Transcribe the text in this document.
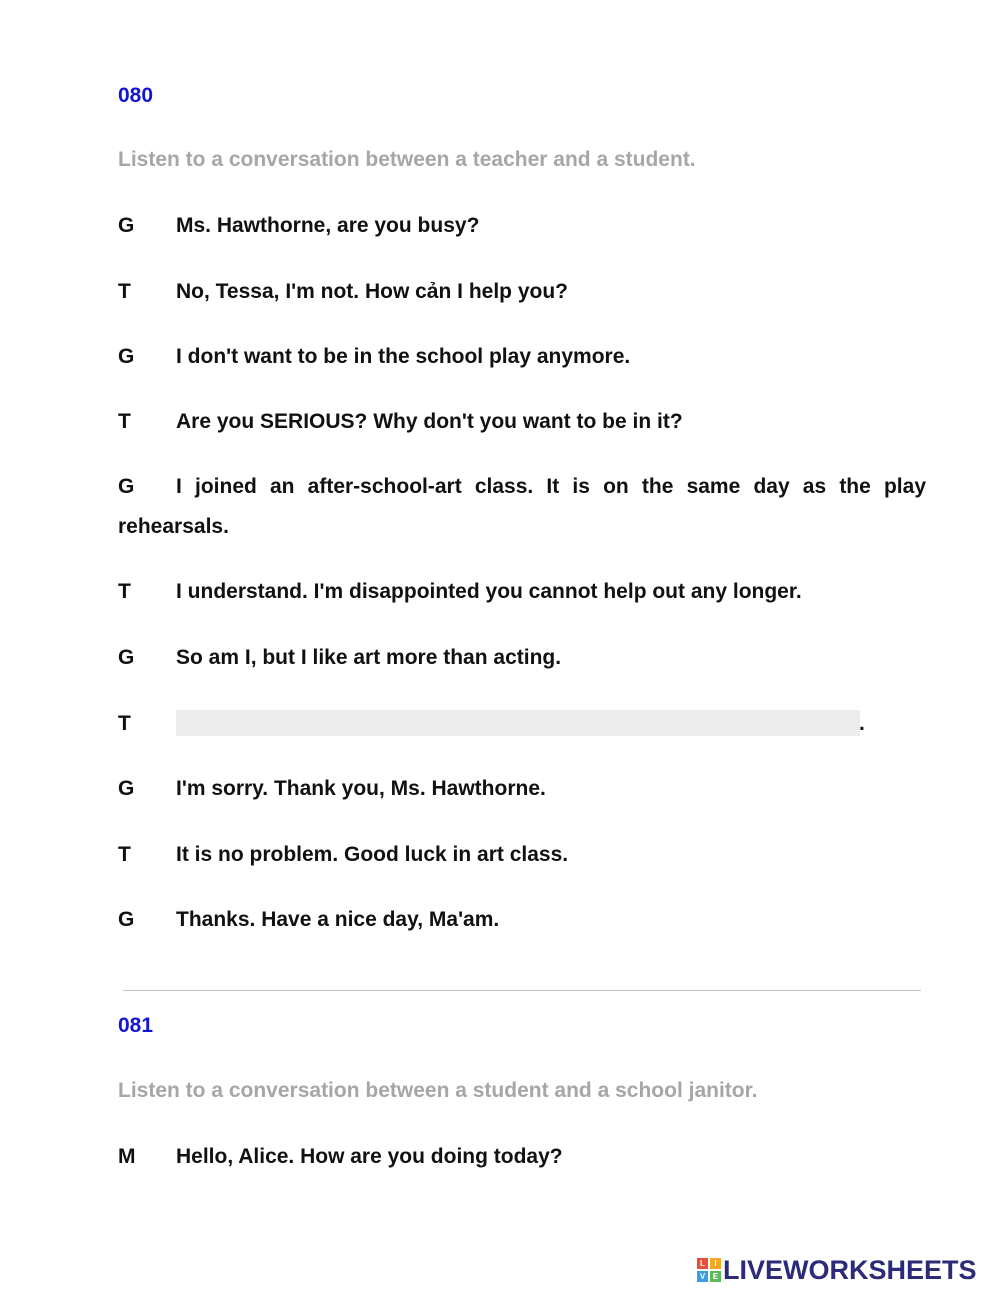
080
Listen to a conversation between a teacher and a student.
G Ms. Hawthorne, are you busy?
T No, Tessa, I'm not. How cản I help you?
G I don't want to be in the school play anymore.
T Are you SERIOUS? Why don't you want to be in it?
G I joined an after-school-art class. It is on the same day as the play rehearsals.
T I understand. I'm disappointed you cannot help out any longer.
G So am I, but I like art more than acting.
T	.
G I'm sorry. Thank you, Ms. Hawthorne.
T It is no problem. Good luck in art class.
G Thanks. Have a nice day, Ma'am.
081
Listen to a conversation between a student and a school janitor.
M Hello, Alice. How are you doing today?
L	I
V E LIVEWORKSHEETS
